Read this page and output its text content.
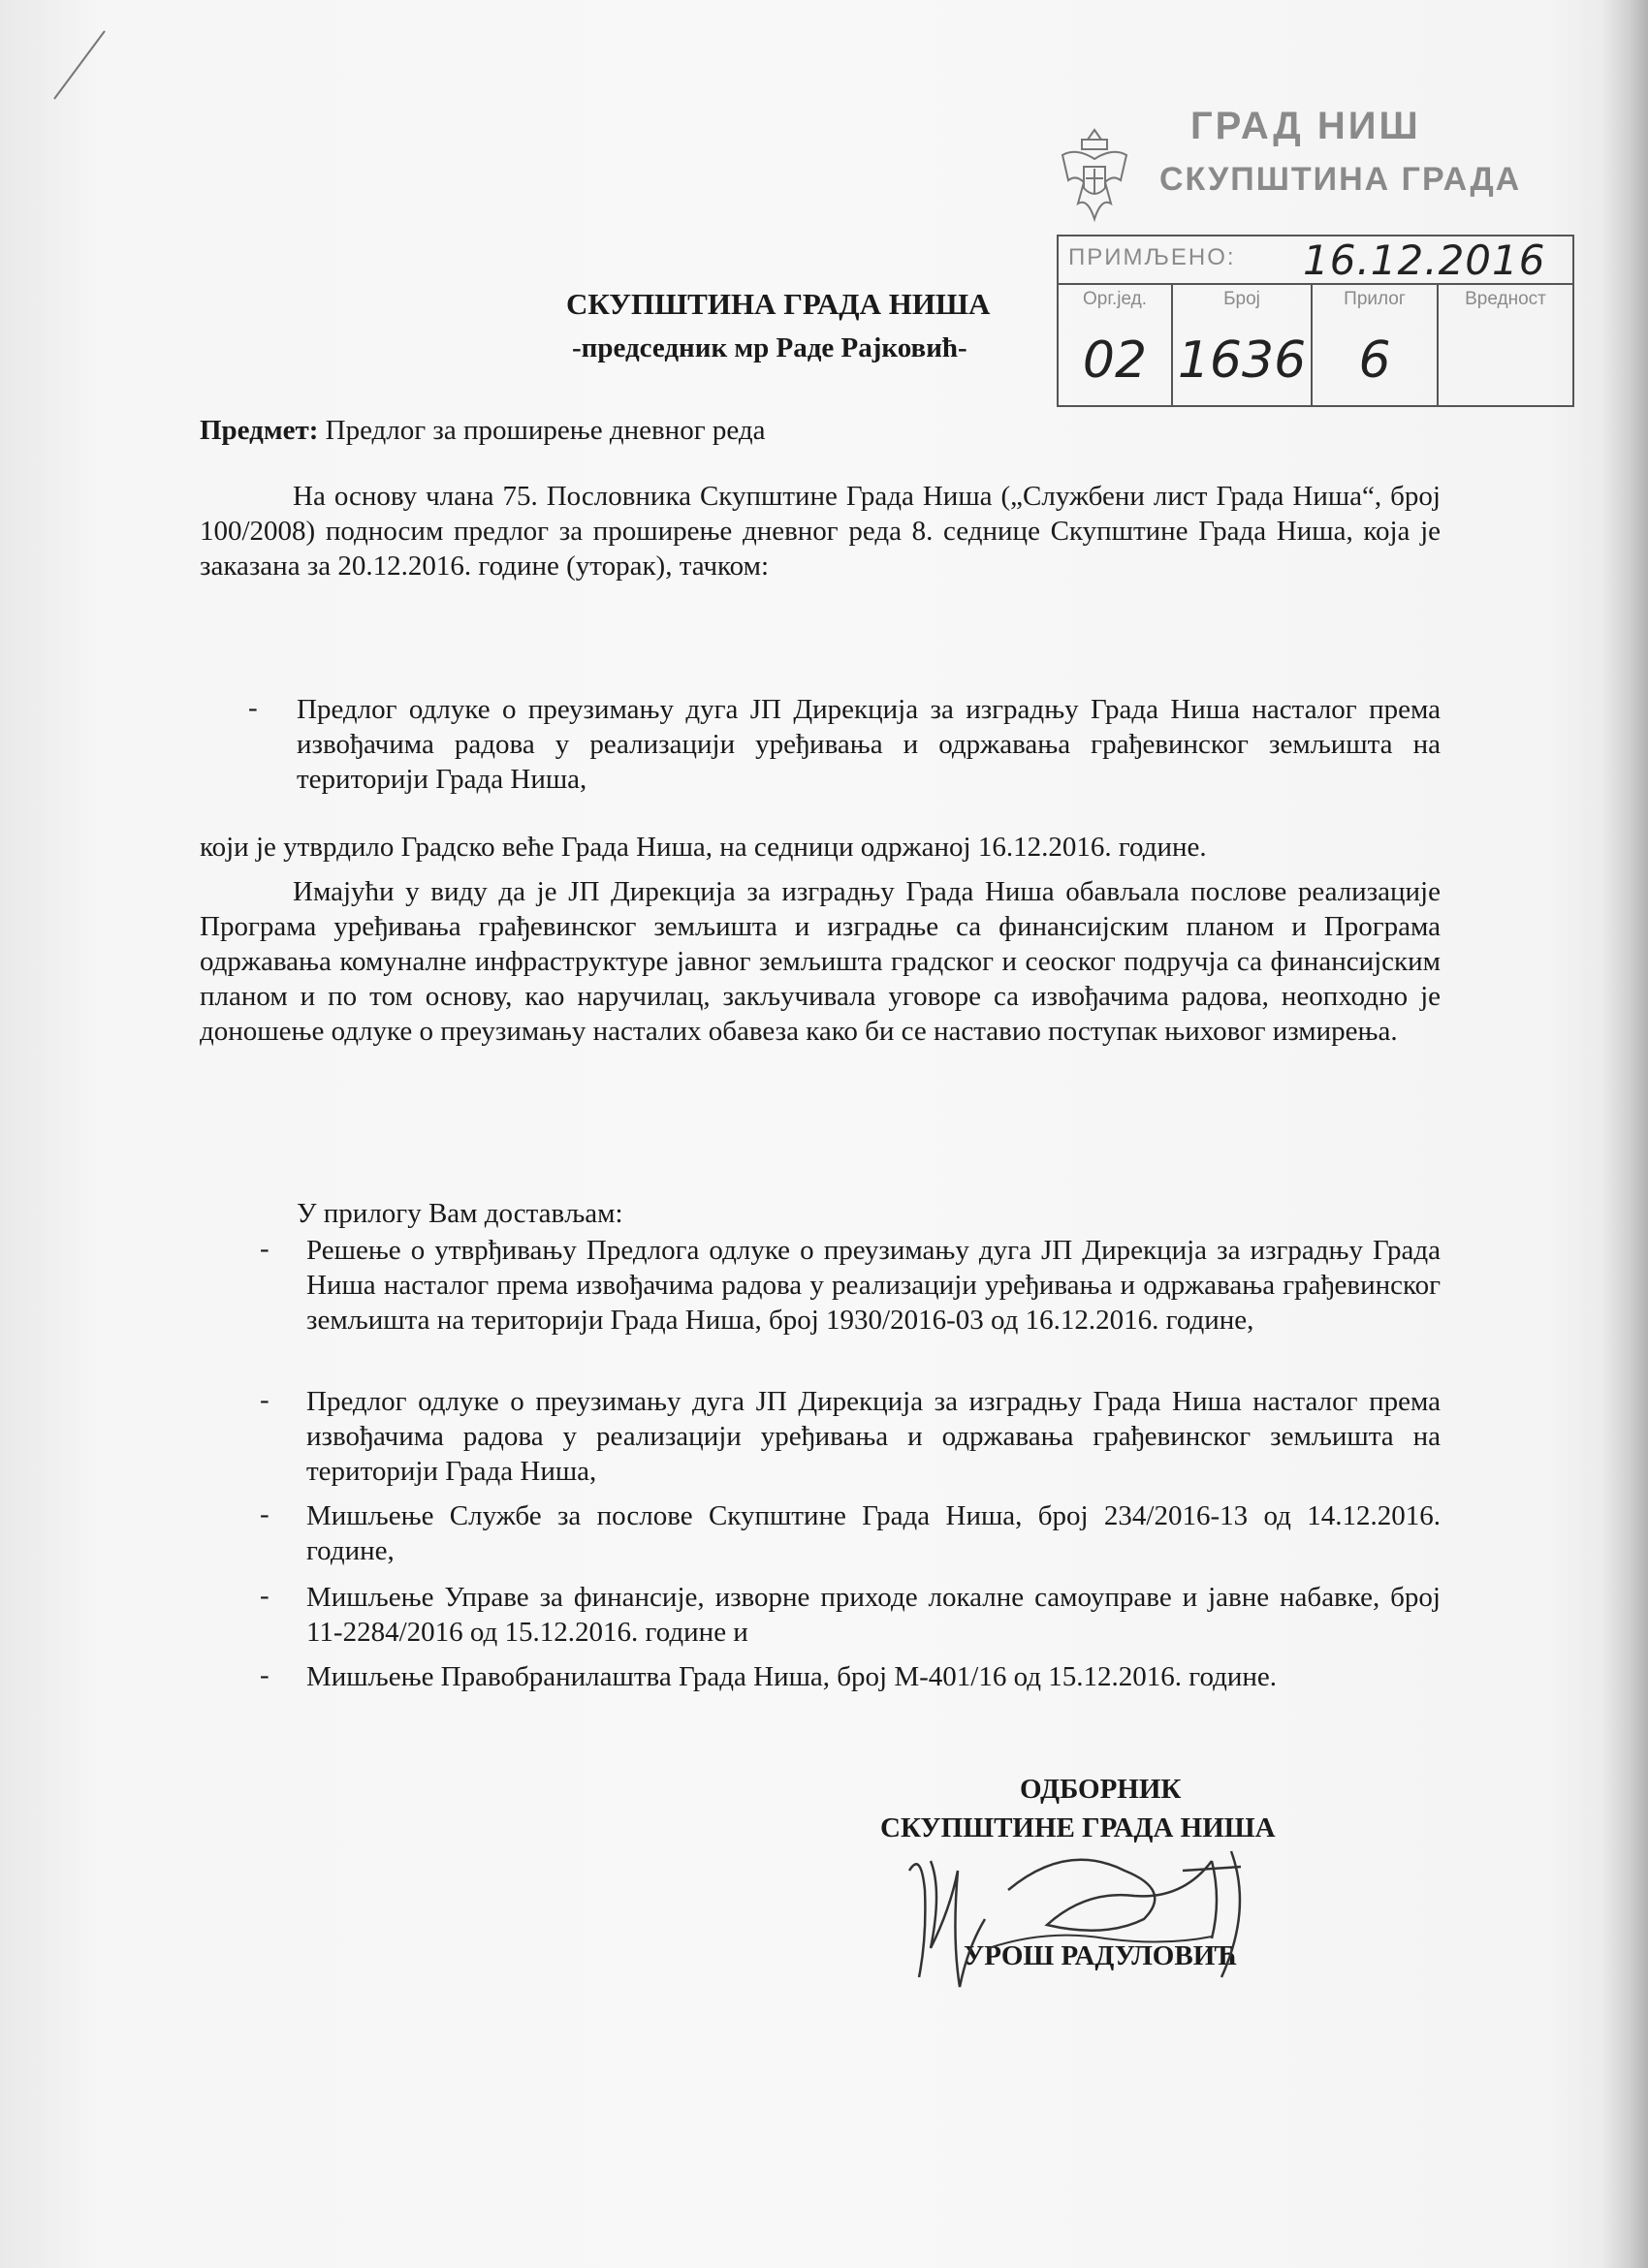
ГРАД НИШ
СКУПШТИНА ГРАДА
ПРИМЉЕНО: 16.12.2016
Орг.јед.
02
Број
1636
Прилог
6
Вредност
СКУПШТИНА ГРАДА НИША
-председник мр Раде Рајковић-
Предмет: Предлог за проширење дневног реда
На основу члана 75. Пословника Скупштине Града Ниша („Службени лист Града Ниша“, број 100/2008) подносим предлог за проширење дневног реда 8. седнице Скупштине Града Ниша, која је заказана за 20.12.2016. године (уторак), тачком:
- Предлог одлуке о преузимању дуга ЈП Дирекција за изградњу Града Ниша насталог према извођачима радова у реализацији уређивања и одржавања грађевинског земљишта на територији Града Ниша,
који је утврдило Градско веће Града Ниша, на седници одржаној 16.12.2016. године.
Имајући у виду да је ЈП Дирекција за изградњу Града Ниша обављала послове реализације Програма уређивања грађевинског земљишта и изградње са финансијским планом и Програма одржавања комуналне инфраструктуре јавног земљишта градског и сеоског подручја са финансијским планом и по том основу, као наручилац, закључивала уговоре са извођачима радова, неопходно је доношење одлуке о преузимању насталих обавеза како би се наставио поступак њиховог измирења.
У прилогу Вам достављам:
- Решење о утврђивању Предлога одлуке о преузимању дуга ЈП Дирекција за изградњу Града Ниша насталог према извођачима радова у реализацији уређивања и одржавања грађевинског земљишта на територији Града Ниша, број 1930/2016-03 од 16.12.2016. године,
- Предлог одлуке о преузимању дуга ЈП Дирекција за изградњу Града Ниша насталог према извођачима радова у реализацији уређивања и одржавања грађевинског земљишта на територији Града Ниша,
- Мишљење Службе за послове Скупштине Града Ниша, број 234/2016-13 од 14.12.2016. године,
- Мишљење Управе за финансије, изворне приходе локалне самоуправе и јавне набавке, број 11-2284/2016 од 15.12.2016. године и
- Мишљење Правобранилаштва Града Ниша, број М-401/16 од 15.12.2016. године.
ОДБОРНИК
СКУПШТИНЕ ГРАДА НИША
УРОШ РАДУЛОВИЋ
